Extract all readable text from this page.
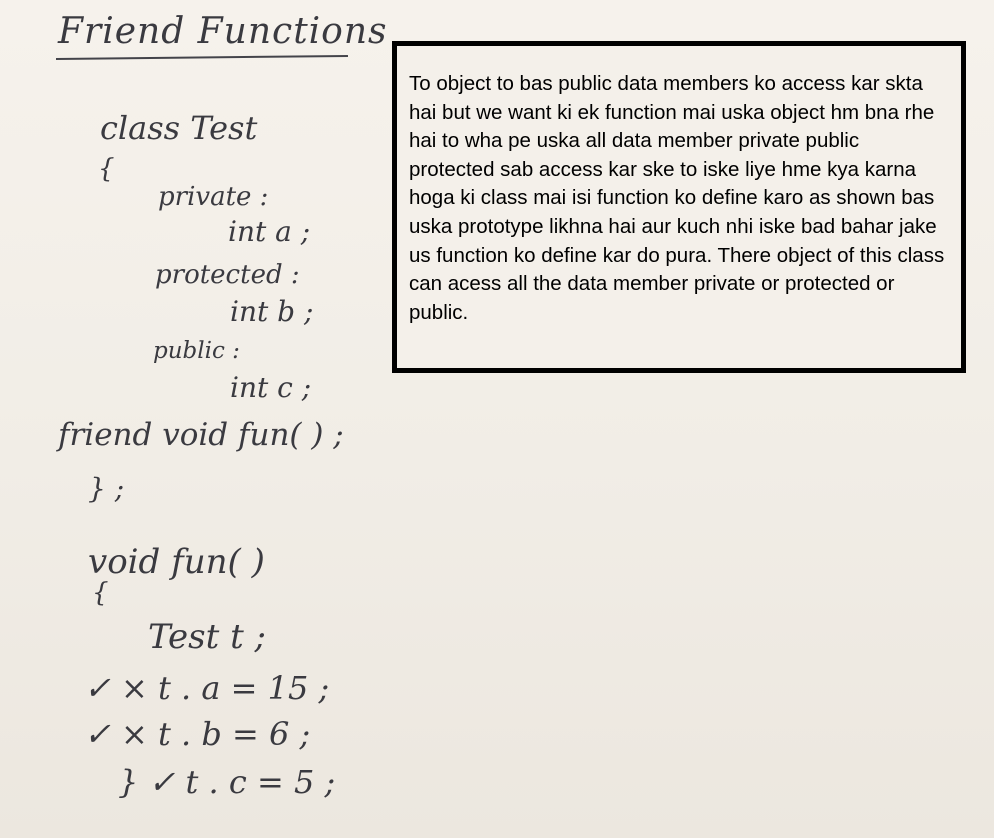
Friend Functions
class Test
{
private :
int a ;
protected :
int b ;
public :
int c ;
friend void fun( ) ;
} ;
void fun( )
{
Test t ;
✓ × t . a = 15 ;
✓ × t . b = 6 ;
} ✓ t . c = 5 ;
To object to bas public data members ko access kar skta hai but we want ki ek function mai uska object hm bna rhe hai to wha pe uska all data member private public protected sab access kar ske to iske liye hme kya karna hoga ki class mai isi function ko define karo as shown bas uska prototype likhna hai aur kuch nhi iske bad bahar jake us function ko define kar do pura. There object of this class can acess all the data member private or protected or public.
